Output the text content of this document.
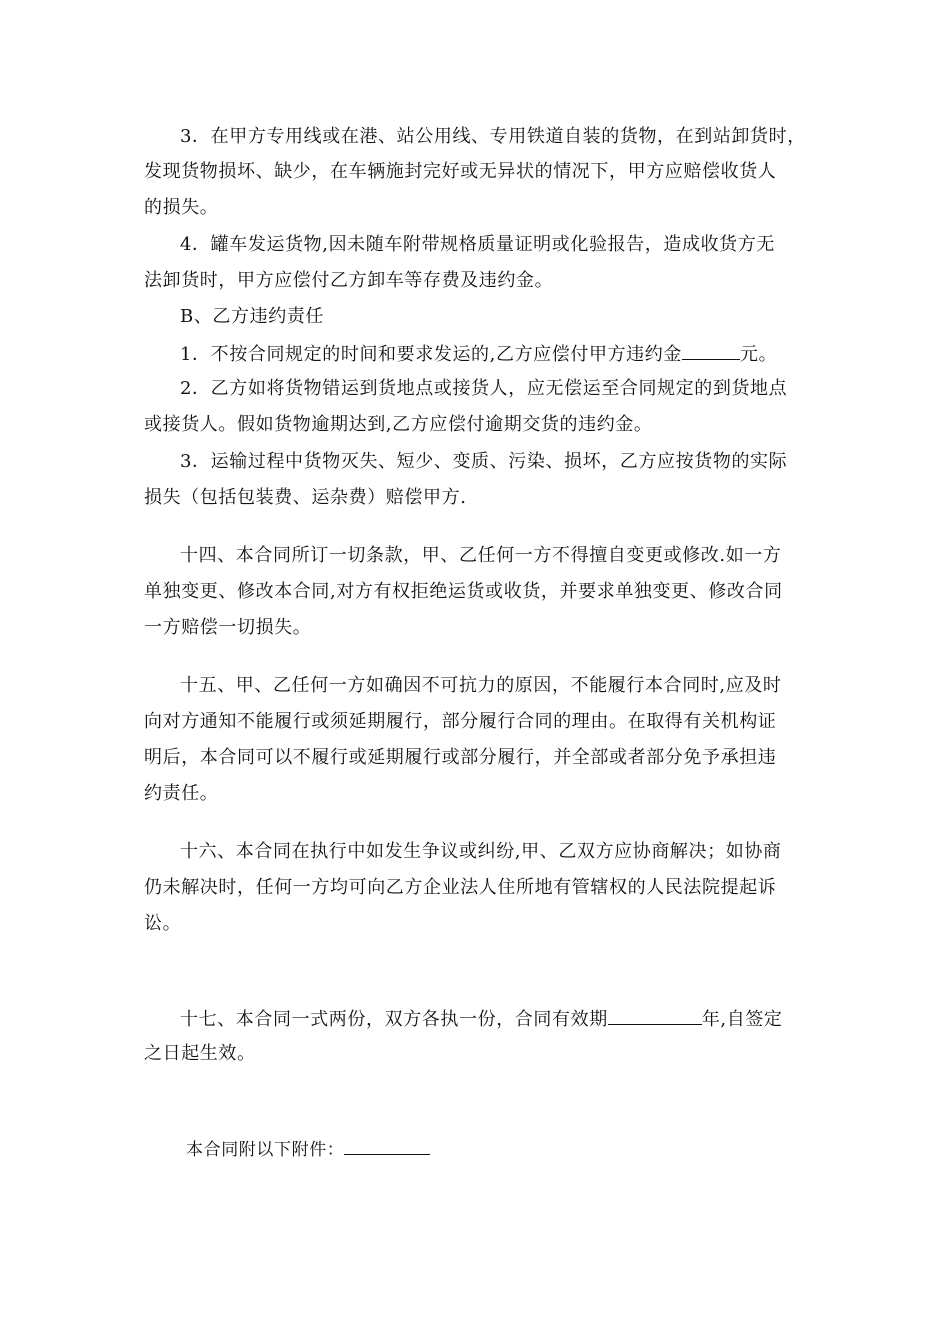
3．在甲方专用线或在港、站公用线、专用铁道自装的货物，在到站卸货时，
发现货物损坏、缺少，在车辆施封完好或无异状的情况下，甲方应赔偿收货人
的损失。
4．罐车发运货物,因未随车附带规格质量证明或化验报告，造成收货方无
法卸货时，甲方应偿付乙方卸车等存费及违约金。
B、乙方违约责任
1．不按合同规定的时间和要求发运的,乙方应偿付甲方违约金	元。
2．乙方如将货物错运到货地点或接货人，应无偿运至合同规定的到货地点
或接货人。假如货物逾期达到,乙方应偿付逾期交货的违约金。
3．运输过程中货物灭失、短少、变质、污染、损坏，乙方应按货物的实际
损失（包括包装费、运杂费）赔偿甲方.
十四、本合同所订一切条款，甲、乙任何一方不得擅自变更或修改.如一方
单独变更、修改本合同,对方有权拒绝运货或收货，并要求单独变更、修改合同
一方赔偿一切损失。
十五、甲、乙任何一方如确因不可抗力的原因，不能履行本合同时,应及时
向对方通知不能履行或须延期履行，部分履行合同的理由。在取得有关机构证
明后，本合同可以不履行或延期履行或部分履行，并全部或者部分免予承担违
约责任。
十六、本合同在执行中如发生争议或纠纷,甲、乙双方应协商解决；如协商
仍未解决时，任何一方均可向乙方企业法人住所地有管辖权的人民法院提起诉
讼。
十七、本合同一式两份，双方各执一份，合同有效期	年,自签定
之日起生效。
本合同附以下附件：
